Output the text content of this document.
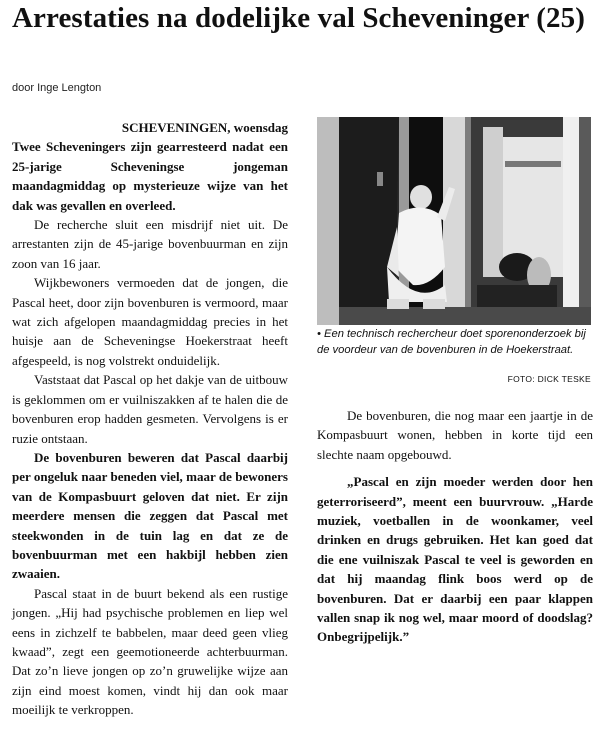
Arrestaties na dodelijke val Scheveninger (25)

door Inge Lengton

SCHEVENINGEN, woensdag

Twee Scheveningers zijn gearresteerd nadat een 25-jarige Scheveningse jongeman maandagmiddag op mysterieuze wijze van het dak was gevallen en overleed.

De recherche sluit een misdrijf niet uit. De arrestanten zijn de 45-jarige bovenbuurman en zijn zoon van 16 jaar.

Wijkbewoners vermoeden dat de jongen, die Pascal heet, door zijn bovenburen is vermoord, maar wat zich afgelopen maandagmiddag precies in het huisje aan de Scheveningse Hoekerstraat heeft afgespeeld, is nog volstrekt onduidelijk.

Vaststaat dat Pascal op het dakje van de uitbouw is geklommen om er vuilniszakken af te halen die de bovenburen erop hadden gesmeten. Vervolgens is er ruzie ontstaan.

De bovenburen beweren dat Pascal daarbij per ongeluk naar beneden viel, maar de bewoners van de Kompasbuurt geloven dat niet. Er zijn meerdere mensen die zeggen dat Pascal met steekwonden in de tuin lag en dat ze de bovenbuurman met een hakbijl hebben zien zwaaien.

Pascal staat in de buurt bekend als een rustige jongen. „Hij had psychische problemen en liep wel eens in zichzelf te babbelen, maar deed geen vlieg kwaad”, zegt een geemotioneerde achterbuurman. Dat zo’n lieve jongen op zo’n gruwelijke wijze aan zijn eind moest komen, vindt hij dan ook maar moeilijk te verkroppen.

• Een technisch rechercheur doet sporenonderzoek bij de voordeur van de bovenburen in de Hoekerstraat.

FOTO: DICK TESKE

De bovenburen, die nog maar een jaartje in de Kompasbuurt wonen, hebben in korte tijd een slechte naam opgebouwd.

„Pascal en zijn moeder werden door hen geterroriseerd”, meent een buurvrouw. „Harde muziek, voetballen in de woonkamer, veel drinken en drugs gebruiken. Het kan goed dat die ene vuilniszak Pascal te veel is geworden en dat hij maandag flink boos werd op de bovenburen. Dat er daarbij een paar klappen vallen snap ik nog wel, maar moord of doodslag? Onbegrijpelijk.”
